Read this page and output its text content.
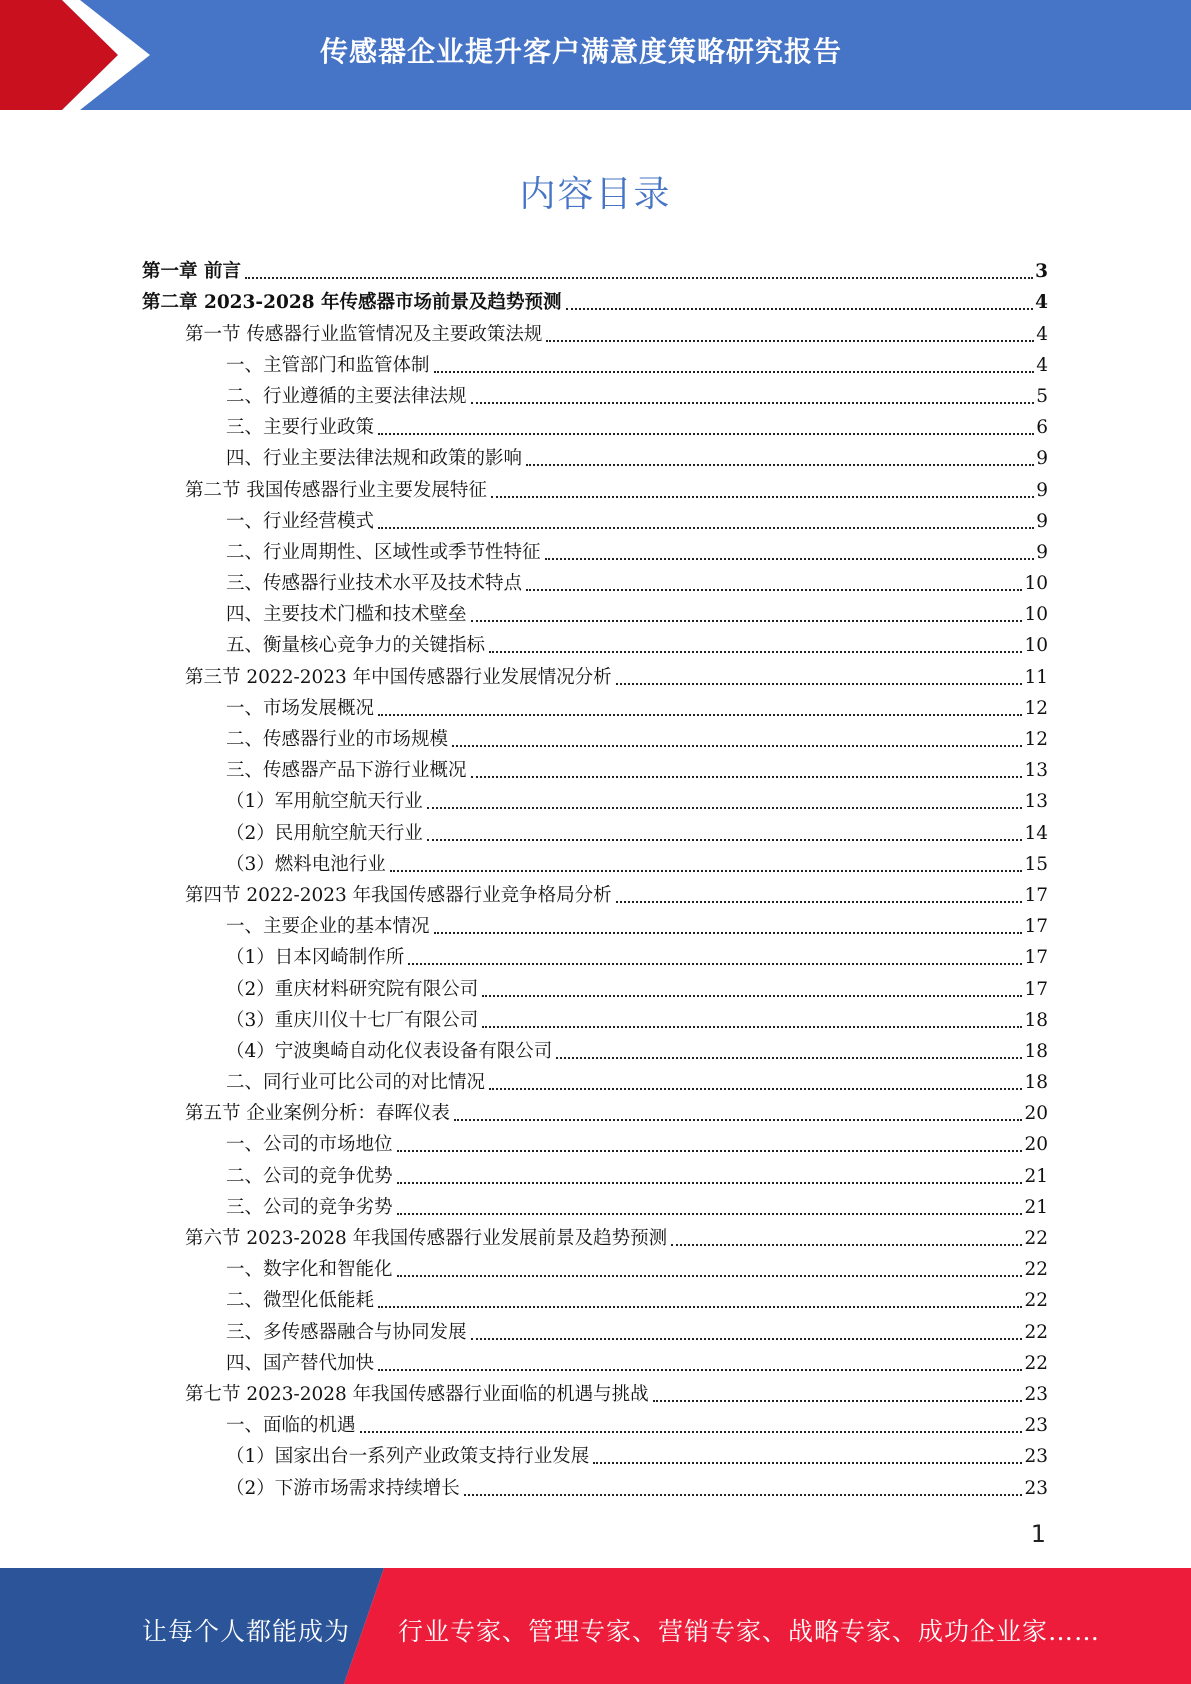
传感器企业提升客户满意度策略研究报告
内容目录
第一章 前言	3
第二章 2023-2028 年传感器市场前景及趋势预测	4
第一节 传感器行业监管情况及主要政策法规	4
一、主管部门和监管体制	4
二、行业遵循的主要法律法规	5
三、主要行业政策	6
四、行业主要法律法规和政策的影响	9
第二节 我国传感器行业主要发展特征	9
一、行业经营模式	9
二、行业周期性、区域性或季节性特征	9
三、传感器行业技术水平及技术特点	10
四、主要技术门槛和技术壁垒	10
五、衡量核心竞争力的关键指标	10
第三节 2022-2023 年中国传感器行业发展情况分析	11
一、市场发展概况	12
二、传感器行业的市场规模	12
三、传感器产品下游行业概况	13
（1）军用航空航天行业	13
（2）民用航空航天行业	14
（3）燃料电池行业	15
第四节 2022-2023 年我国传感器行业竞争格局分析	17
一、主要企业的基本情况	17
（1）日本冈崎制作所	17
（2）重庆材料研究院有限公司	17
（3）重庆川仪十七厂有限公司	18
（4）宁波奥崎自动化仪表设备有限公司	18
二、同行业可比公司的对比情况	18
第五节 企业案例分析：春晖仪表	20
一、公司的市场地位	20
二、公司的竞争优势	21
三、公司的竞争劣势	21
第六节 2023-2028 年我国传感器行业发展前景及趋势预测	22
一、数字化和智能化	22
二、微型化低能耗	22
三、多传感器融合与协同发展	22
四、国产替代加快	22
第七节 2023-2028 年我国传感器行业面临的机遇与挑战	23
一、面临的机遇	23
（1）国家出台一系列产业政策支持行业发展	23
（2）下游市场需求持续增长	23
1
让每个人都能成为 行业专家、管理专家、营销专家、战略专家、成功企业家……
